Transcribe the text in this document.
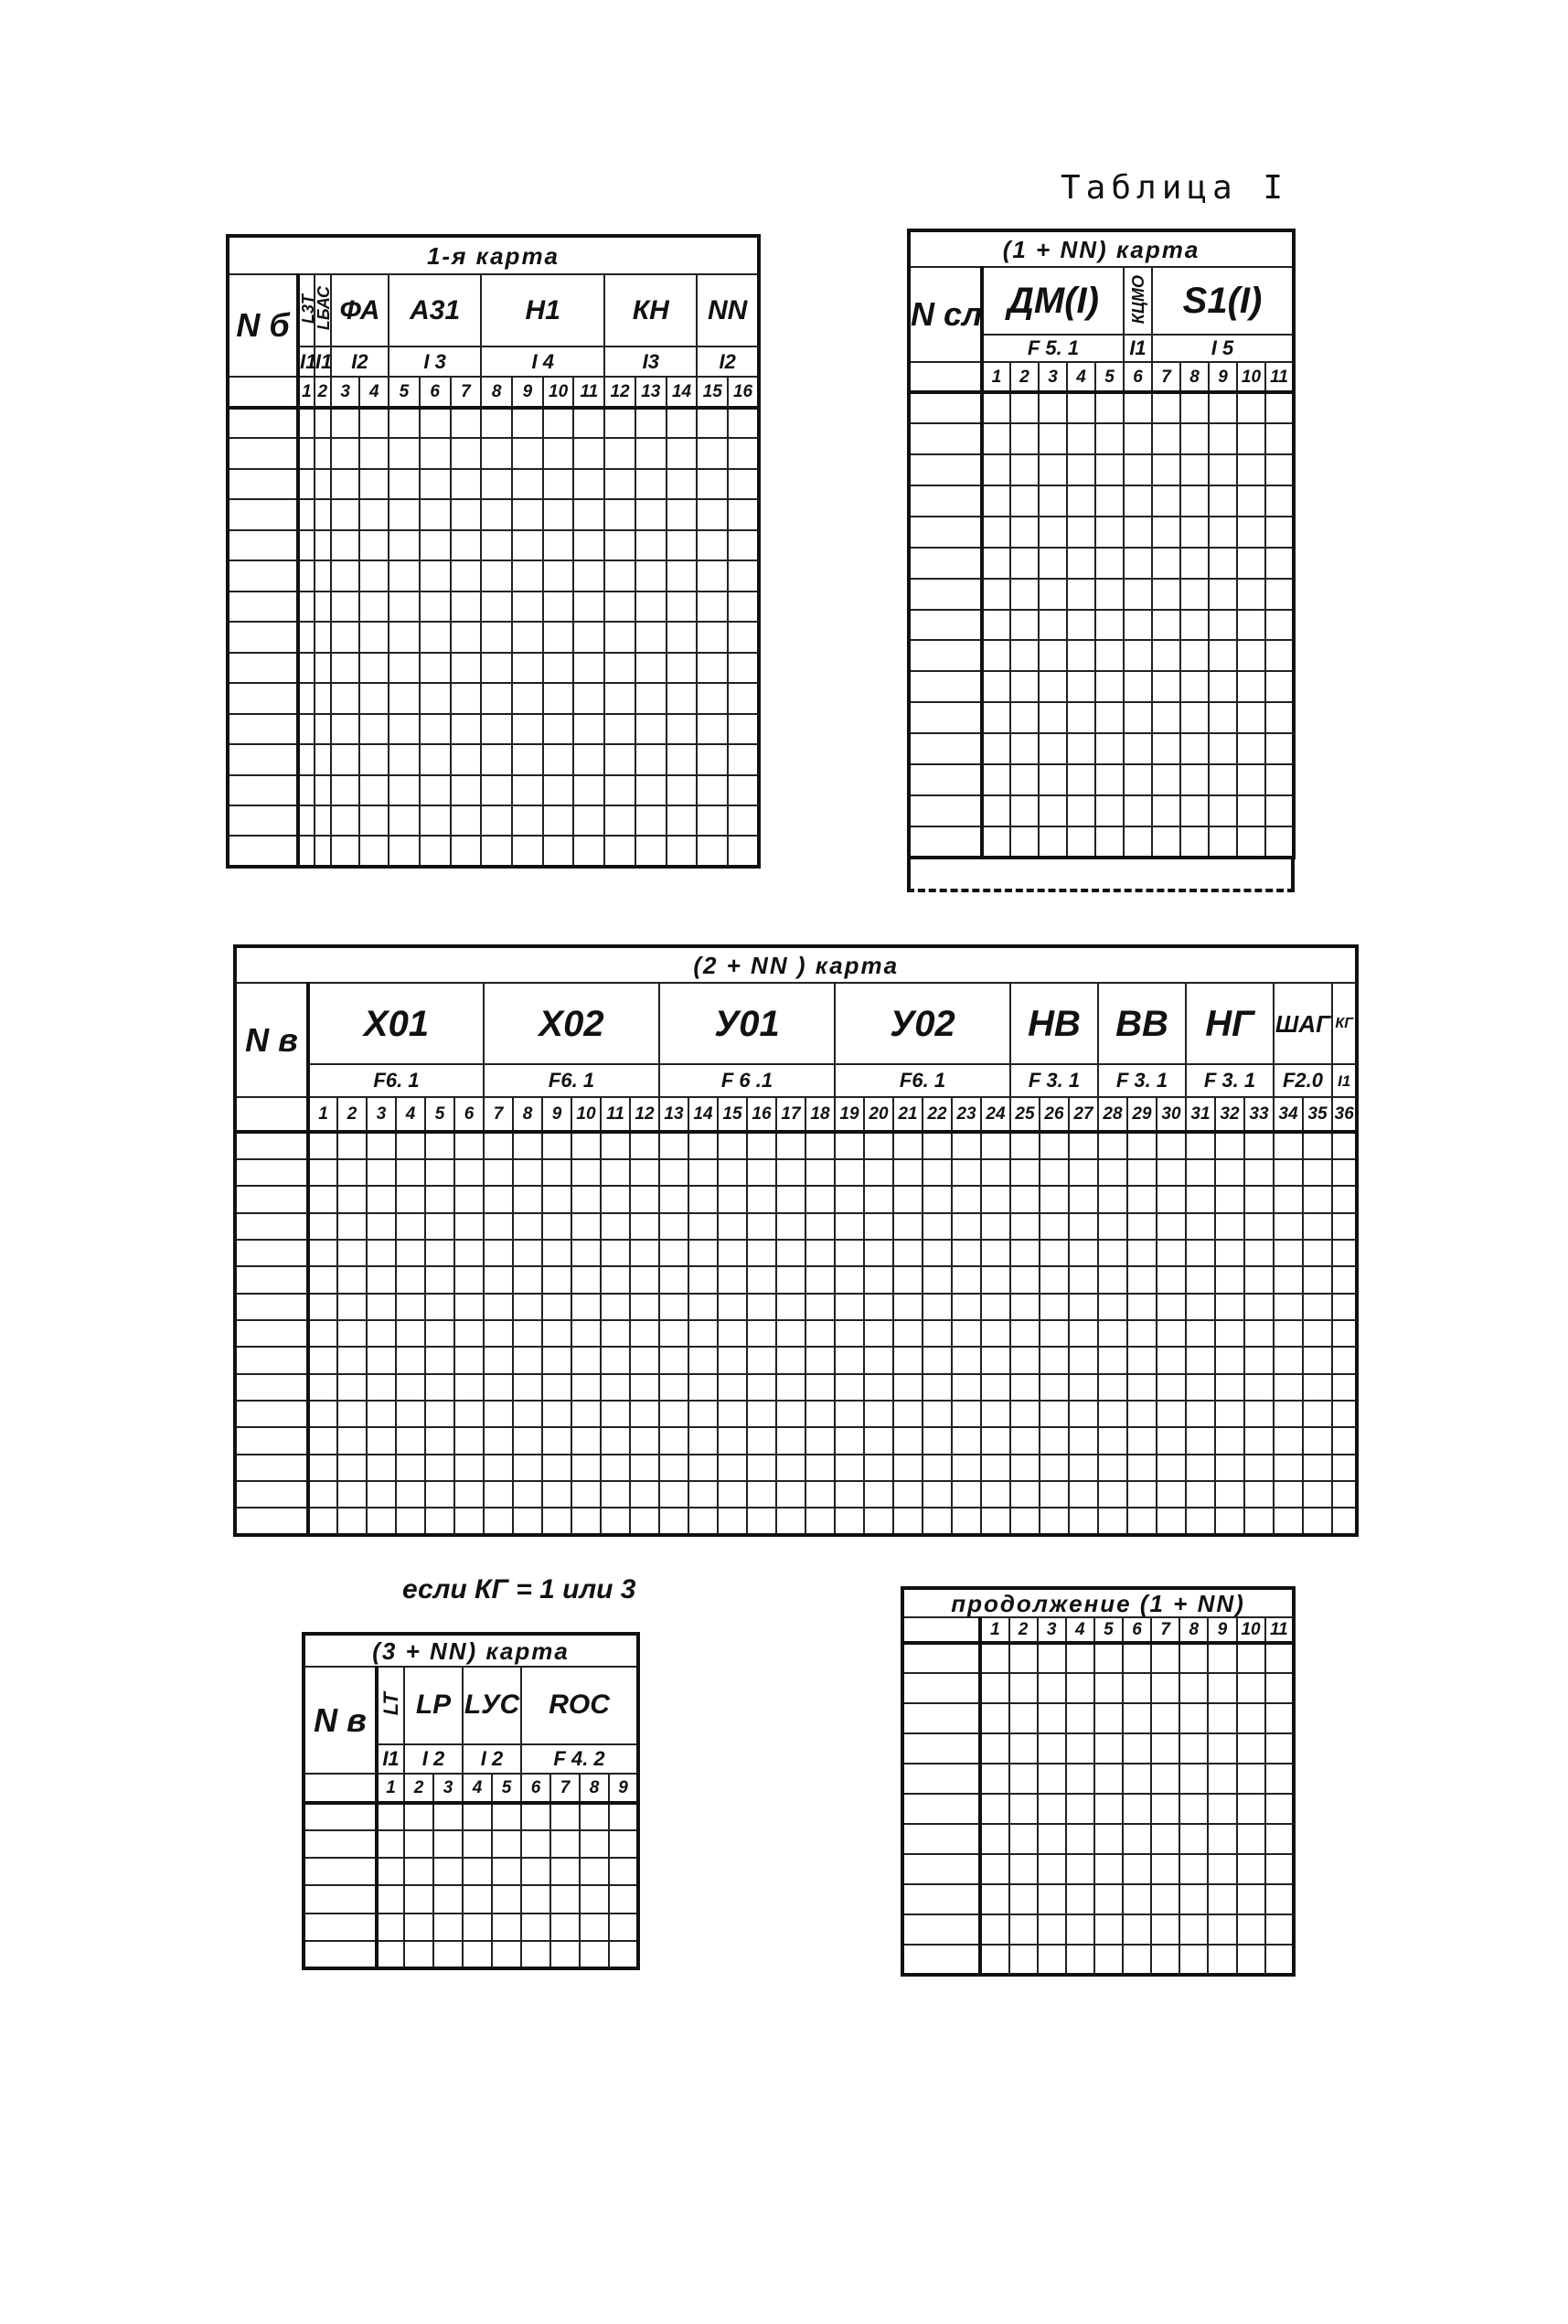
Таблица I
1-я карта																
N б	L3T	LБАС	ФА		А31			Н1				КН			NN	
	I1	I1	I2		I 3			I 4				I3			I2	
	1	2	3	4	5	6	7	8	9	10	11	12	13	14	15	16

(1 + NN) карта											
N сл	ДМ(I)					КЦМО	S1(I)				
	F 5. 1					I1	I 5				
	1	2	3	4	5	6	7	8	9	10	11

(2 + NN ) карта																																				
N в	Х01						Х02						У01						У02						НВ			ВВ			НГ			ШАГ		КГ
	F6. 1						F6. 1						F 6 .1						F6. 1						F 3. 1			F 3. 1			F 3. 1			F2.0		I1
	1	2	3	4	5	6	7	8	9	10	11	12	13	14	15	16	17	18	19	20	21	22	23	24	25	26	27	28	29	30	31	32	33	34	35	36

если КГ = 1 или 3
(3 + NN) карта									
N в	LT	LP		LУС		RОС			
	I1	I 2		I 2		F 4. 2			
	1	2	3	4	5	6	7	8	9

продолжение (1 + NN)											
	1	2	3	4	5	6	7	8	9	10	11
